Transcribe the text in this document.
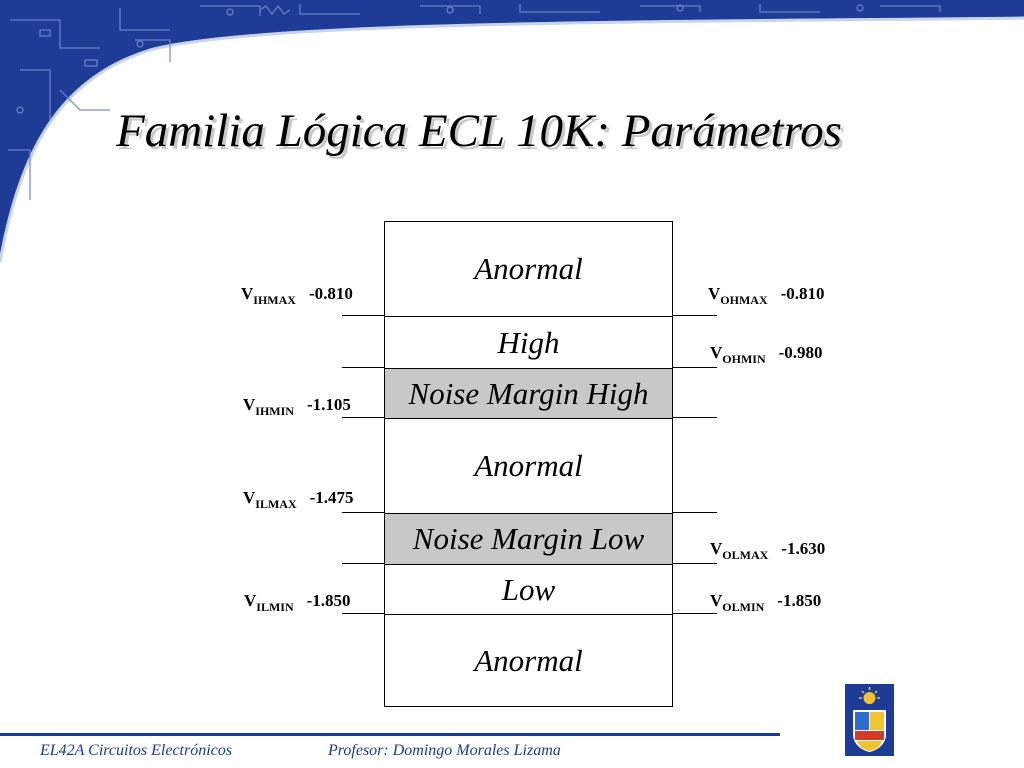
Familia Lógica ECL 10K: Parámetros
Anormal
High
Noise Margin High
Anormal
Noise Margin Low
Low
Anormal
V IHMAX -0.810
V IHMIN -1.105
V ILMAX -1.475
V ILMIN -1.850
V OHMAX -0.810
V OHMIN -0.980
V OLMAX -1.630
V OLMIN -1.850
EL42A Circuitos Electrónicos	Profesor: Domingo Morales Lizama
